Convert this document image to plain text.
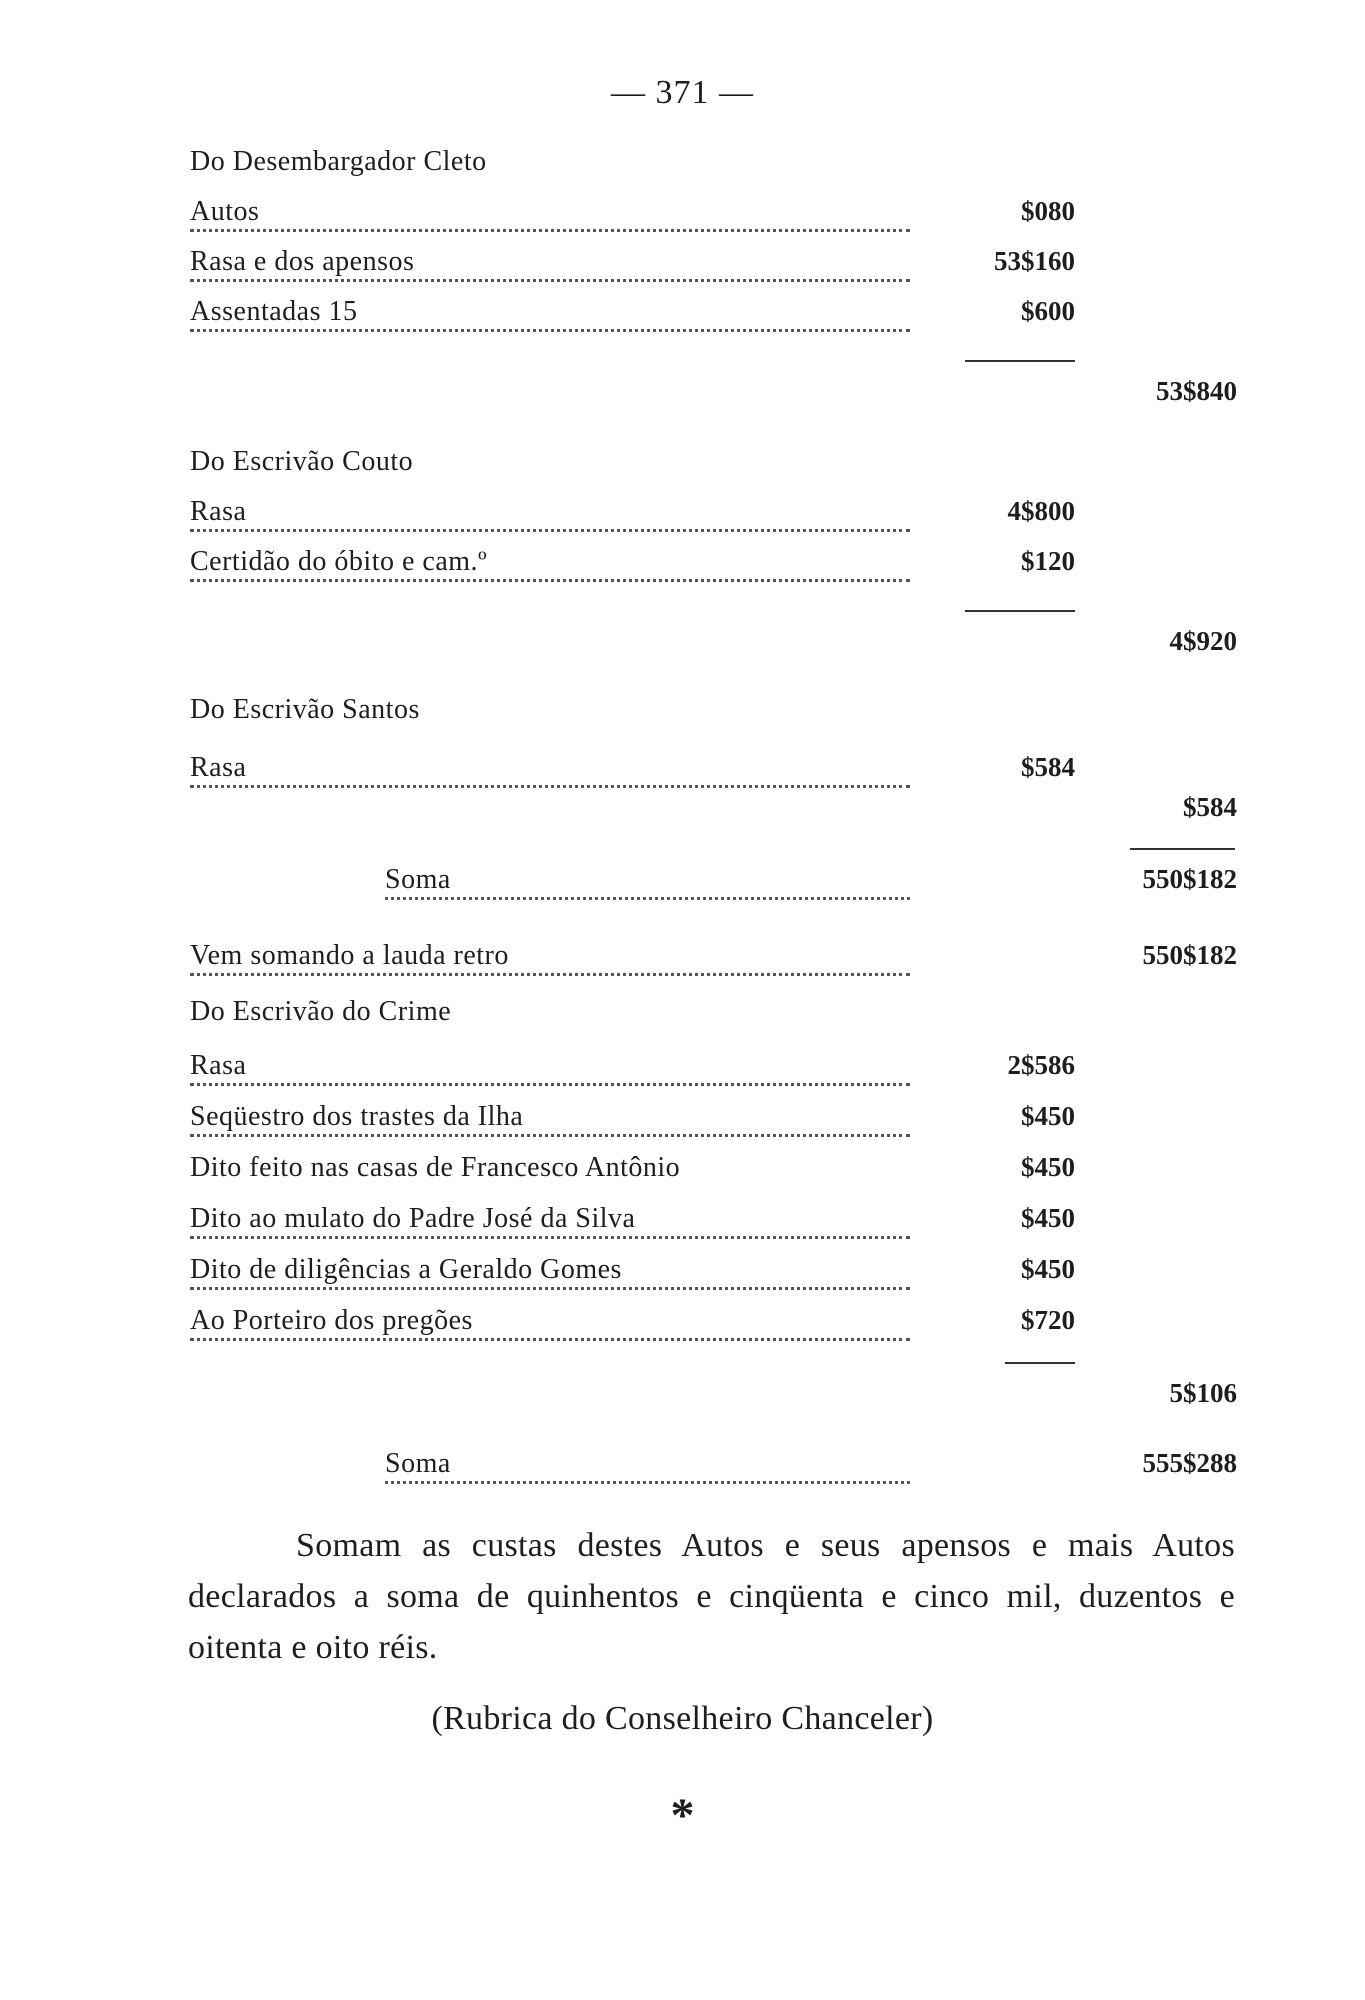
— 371 —
Do Desembargador Cleto
Autos	$080
Rasa e dos apensos	53$160
Assentadas 15	$600
53$840
Do Escrivão Couto
Rasa	4$800
Certidão do óbito e cam.º	$120
4$920
Do Escrivão Santos
Rasa	$584
$584
Soma	550$182
Vem somando a lauda retro	550$182
Do Escrivão do Crime
Rasa	2$586
Seqüestro dos trastes da Ilha	$450
Dito feito nas casas de Francesco Antônio	$450
Dito ao mulato do Padre José da Silva	$450
Dito de diligências a Geraldo Gomes	$450
Ao Porteiro dos pregões	$720
5$106
Soma	555$288
Somam as custas destes Autos e seus apensos e mais Autos declarados a soma de quinhentos e cinqüenta e cinco mil, duzentos e oitenta e oito réis.
(Rubrica do Conselheiro Chanceler)
*
